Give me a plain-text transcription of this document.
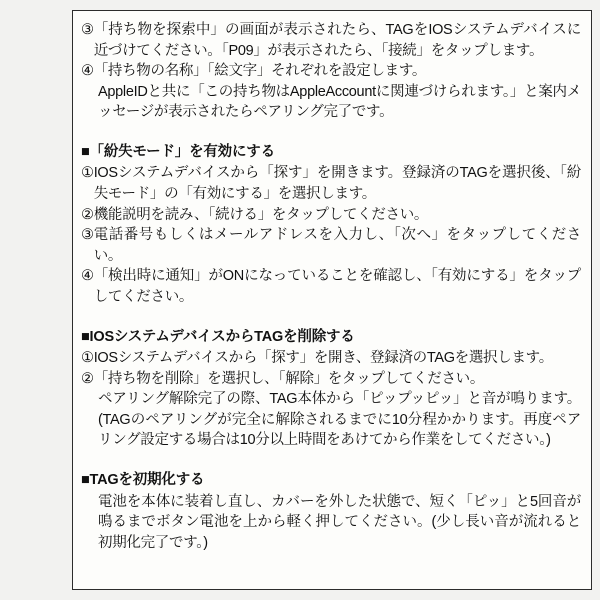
③ 「持ち物を探索中」の画面が表示されたら、TAGをIOSシステムデバイスに近づけてください。「P09」が表示されたら、「接続」をタップします。
④ 「持ち物の名称」「絵文字」それぞれを設定します。
AppleIDと共に「この持ち物はAppleAccountに関連づけられます。」と案内メッセージが表示されたらペアリング完了です。
■「紛失モード」を有効にする
① IOSシステムデバイスから「探す」を開きます。登録済のTAGを選択後、「紛失モード」の「有効にする」を選択します。
② 機能説明を読み、「続ける」をタップしてください。
③ 電話番号もしくはメールアドレスを入力し、「次へ」をタップしてください。
④ 「検出時に通知」がONになっていることを確認し、「有効にする」をタップしてください。
■IOSシステムデバイスからTAGを削除する
① IOSシステムデバイスから「探す」を開き、登録済のTAGを選択します。
② 「持ち物を削除」を選択し、「解除」をタップしてください。
ペアリング解除完了の際、TAG本体から「ピップッピッ」と音が鳴ります。(TAGのペアリングが完全に解除されるまでに10分程かかります。再度ペアリング設定する場合は10分以上時間をあけてから作業をしてください。)
■TAGを初期化する
電池を本体に装着し直し、カバーを外した状態で、短く「ピッ」と5回音が鳴るまでボタン電池を上から軽く押してください。(少し長い音が流れると初期化完了です。)
